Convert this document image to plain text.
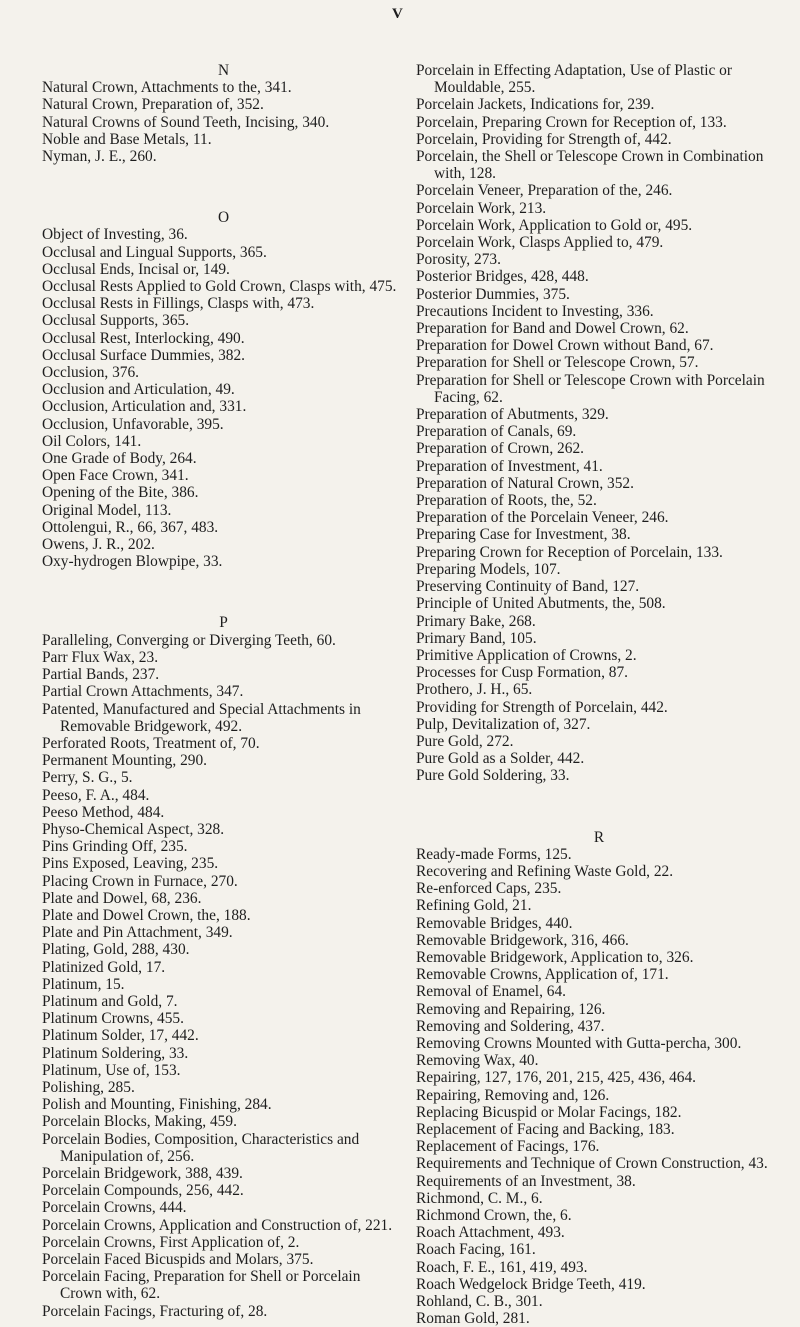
V

N

Natural Crown, Attachments to the, 341.

Natural Crown, Preparation of, 352.

Natural Crowns of Sound Teeth, Incising, 340.

Noble and Base Metals, 11.

Nyman, J. E., 260.

O

Object of Investing, 36.

Occlusal and Lingual Supports, 365.

Occlusal Ends, Incisal or, 149.

Occlusal Rests Applied to Gold Crown, Clasps with, 475.

Occlusal Rests in Fillings, Clasps with, 473.

Occlusal Supports, 365.

Occlusal Rest, Interlocking, 490.

Occlusal Surface Dummies, 382.

Occlusion, 376.

Occlusion and Articulation, 49.

Occlusion, Articulation and, 331.

Occlusion, Unfavorable, 395.

Oil Colors, 141.

One Grade of Body, 264.

Open Face Crown, 341.

Opening of the Bite, 386.

Original Model, 113.

Ottolengui, R., 66, 367, 483.

Owens, J. R., 202.

Oxy-hydrogen Blowpipe, 33.

P

Paralleling, Converging or Diverging Teeth, 60.

Parr Flux Wax, 23.

Partial Bands, 237.

Partial Crown Attachments, 347.

Patented, Manufactured and Special Attachments in Removable Bridgework, 492.

Perforated Roots, Treatment of, 70.

Permanent Mounting, 290.

Perry, S. G., 5.

Peeso, F. A., 484.

Peeso Method, 484.

Physo-Chemical Aspect, 328.

Pins Grinding Off, 235.

Pins Exposed, Leaving, 235.

Placing Crown in Furnace, 270.

Plate and Dowel, 68, 236.

Plate and Dowel Crown, the, 188.

Plate and Pin Attachment, 349.

Plating, Gold, 288, 430.

Platinized Gold, 17.

Platinum, 15.

Platinum and Gold, 7.

Platinum Crowns, 455.

Platinum Solder, 17, 442.

Platinum Soldering, 33.

Platinum, Use of, 153.

Polishing, 285.

Polish and Mounting, Finishing, 284.

Porcelain Blocks, Making, 459.

Porcelain Bodies, Composition, Characteristics and Manipulation of, 256.

Porcelain Bridgework, 388, 439.

Porcelain Compounds, 256, 442.

Porcelain Crowns, 444.

Porcelain Crowns, Application and Construction of, 221.

Porcelain Crowns, First Application of, 2.

Porcelain Faced Bicuspids and Molars, 375.

Porcelain Facing, Preparation for Shell or Porcelain Crown with, 62.

Porcelain Facings, Fracturing of, 28.

Porcelain in Effecting Adaptation, Use of Plastic or Mouldable, 255.

Porcelain Jackets, Indications for, 239.

Porcelain, Preparing Crown for Reception of, 133.

Porcelain, Providing for Strength of, 442.

Porcelain, the Shell or Telescope Crown in Combination with, 128.

Porcelain Veneer, Preparation of the, 246.

Porcelain Work, 213.

Porcelain Work, Application to Gold or, 495.

Porcelain Work, Clasps Applied to, 479.

Porosity, 273.

Posterior Bridges, 428, 448.

Posterior Dummies, 375.

Precautions Incident to Investing, 336.

Preparation for Band and Dowel Crown, 62.

Preparation for Dowel Crown without Band, 67.

Preparation for Shell or Telescope Crown, 57.

Preparation for Shell or Telescope Crown with Porcelain Facing, 62.

Preparation of Abutments, 329.

Preparation of Canals, 69.

Preparation of Crown, 262.

Preparation of Investment, 41.

Preparation of Natural Crown, 352.

Preparation of Roots, the, 52.

Preparation of the Porcelain Veneer, 246.

Preparing Case for Investment, 38.

Preparing Crown for Reception of Porcelain, 133.

Preparing Models, 107.

Preserving Continuity of Band, 127.

Principle of United Abutments, the, 508.

Primary Bake, 268.

Primary Band, 105.

Primitive Application of Crowns, 2.

Processes for Cusp Formation, 87.

Prothero, J. H., 65.

Providing for Strength of Porcelain, 442.

Pulp, Devitalization of, 327.

Pure Gold, 272.

Pure Gold as a Solder, 442.

Pure Gold Soldering, 33.

R

Ready-made Forms, 125.

Recovering and Refining Waste Gold, 22.

Re-enforced Caps, 235.

Refining Gold, 21.

Removable Bridges, 440.

Removable Bridgework, 316, 466.

Removable Bridgework, Application to, 326.

Removable Crowns, Application of, 171.

Removal of Enamel, 64.

Removing and Repairing, 126.

Removing and Soldering, 437.

Removing Crowns Mounted with Gutta-percha, 300.

Removing Wax, 40.

Repairing, 127, 176, 201, 215, 425, 436, 464.

Repairing, Removing and, 126.

Replacing Bicuspid or Molar Facings, 182.

Replacement of Facing and Backing, 183.

Replacement of Facings, 176.

Requirements and Technique of Crown Construction, 43.

Requirements of an Investment, 38.

Richmond, C. M., 6.

Richmond Crown, the, 6.

Roach Attachment, 493.

Roach Facing, 161.

Roach, F. E., 161, 419, 493.

Roach Wedgelock Bridge Teeth, 419.

Rohland, C. B., 301.

Roman Gold, 281.
